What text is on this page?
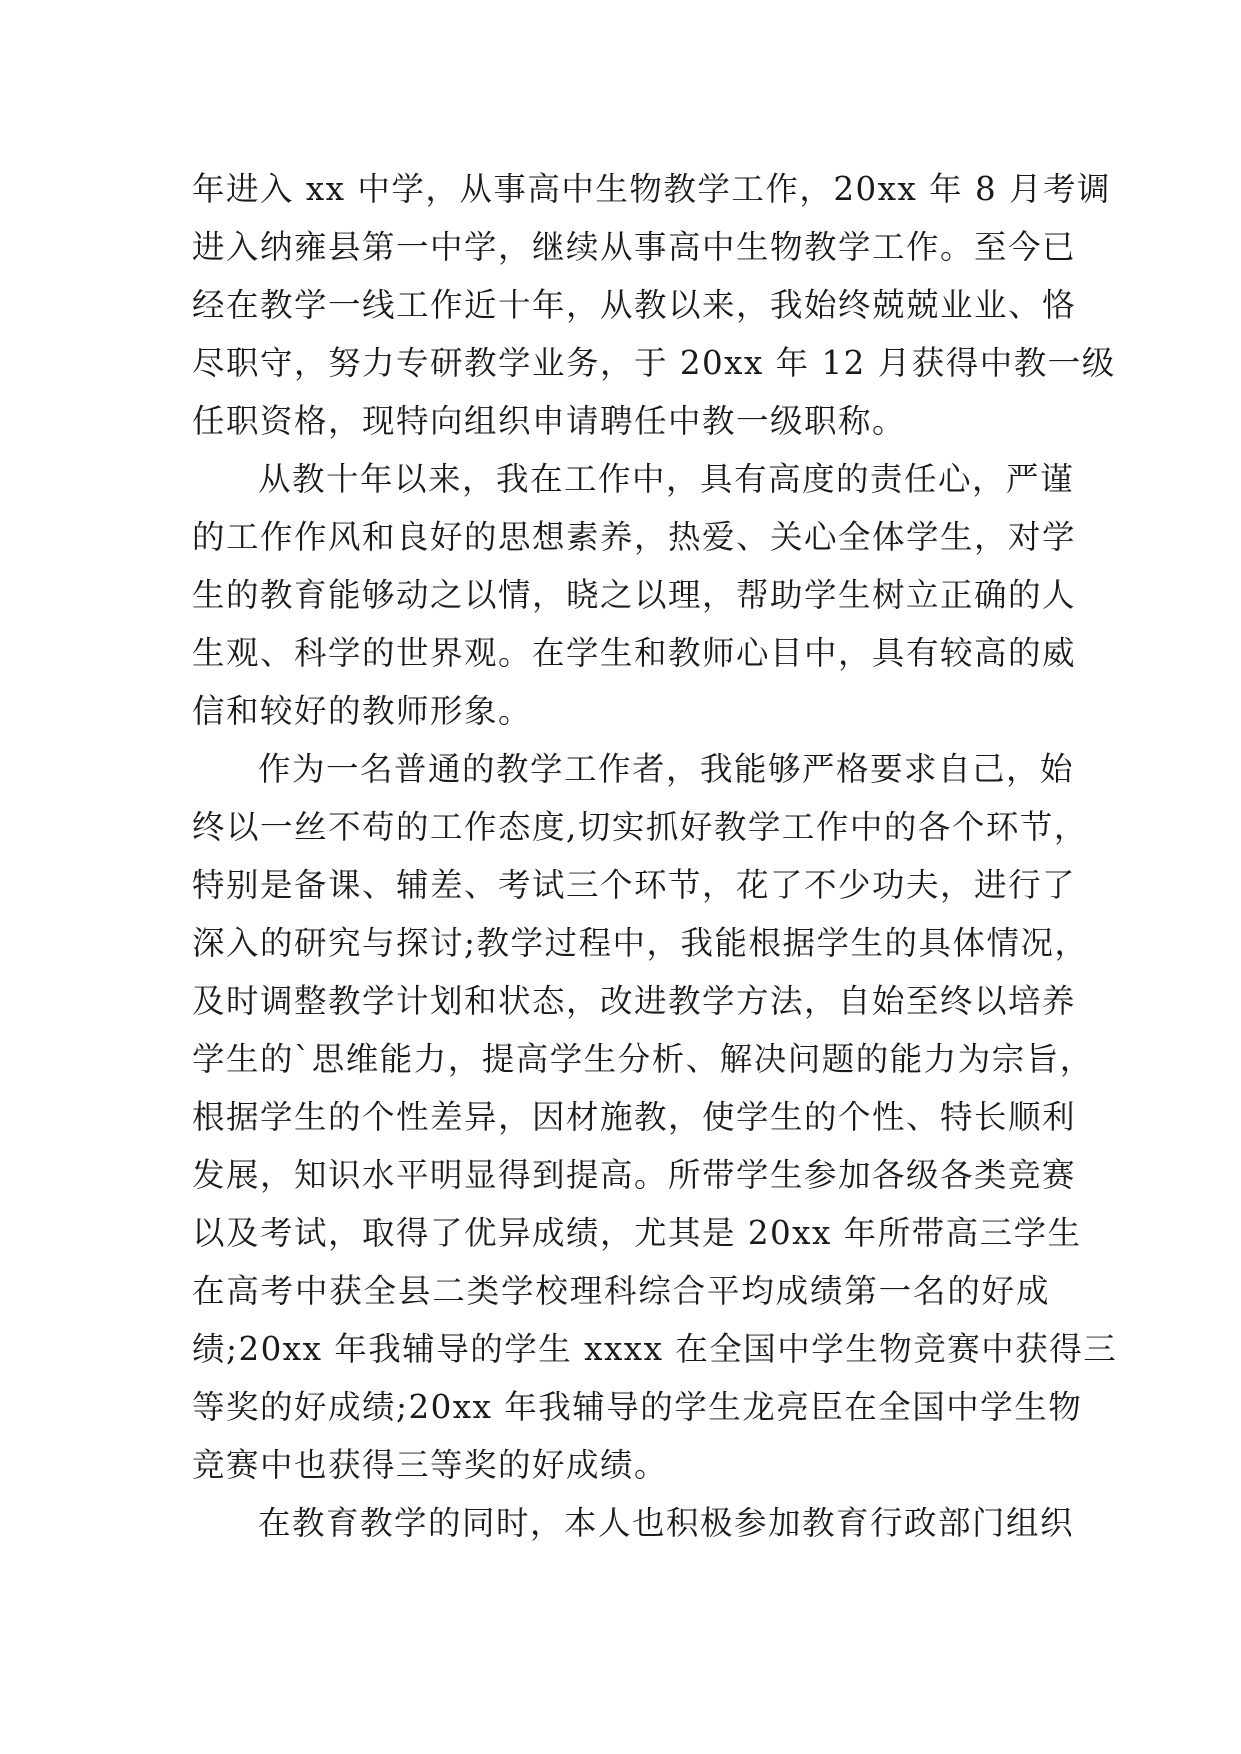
年进入 xx 中学，从事高中生物教学工作，20xx 年 8 月考调
进入纳雍县第一中学，继续从事高中生物教学工作。至今已
经在教学一线工作近十年，从教以来，我始终兢兢业业、恪
尽职守，努力专研教学业务，于 20xx 年 12 月获得中教一级
任职资格，现特向组织申请聘任中教一级职称。
从教十年以来，我在工作中，具有高度的责任心，严谨
的工作作风和良好的思想素养，热爱、关心全体学生，对学
生的教育能够动之以情，晓之以理，帮助学生树立正确的人
生观、科学的世界观。在学生和教师心目中，具有较高的威
信和较好的教师形象。
作为一名普通的教学工作者，我能够严格要求自己，始
终以一丝不苟的工作态度,切实抓好教学工作中的各个环节，
特别是备课、辅差、考试三个环节，花了不少功夫，进行了
深入的研究与探讨;教学过程中，我能根据学生的具体情况，
及时调整教学计划和状态，改进教学方法，自始至终以培养
学生的`思维能力，提高学生分析、解决问题的能力为宗旨，
根据学生的个性差异，因材施教，使学生的个性、特长顺利
发展，知识水平明显得到提高。所带学生参加各级各类竞赛
以及考试，取得了优异成绩，尤其是 20xx 年所带高三学生
在高考中获全县二类学校理科综合平均成绩第一名的好成
绩;20xx 年我辅导的学生 xxxx 在全国中学生物竞赛中获得三
等奖的好成绩;20xx 年我辅导的学生龙亮臣在全国中学生物
竞赛中也获得三等奖的好成绩。
在教育教学的同时，本人也积极参加教育行政部门组织
